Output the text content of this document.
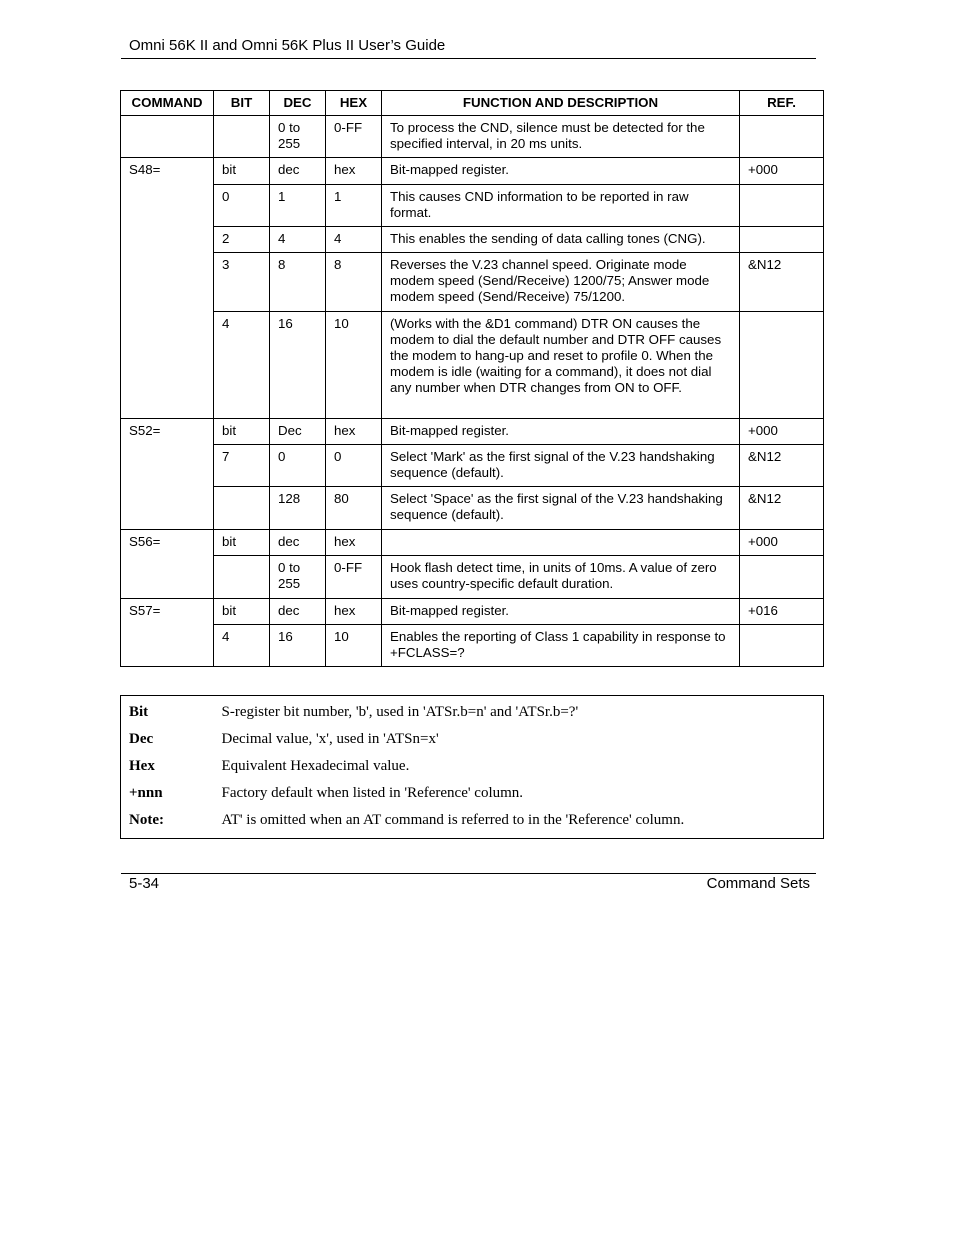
Omni 56K II and Omni 56K Plus II User’s Guide
COMMAND	BIT	DEC	HEX	FUNCTION AND DESCRIPTION	REF.
		0 to 255	0-FF	To process the CND, silence must be detected for the specified interval, in 20 ms units.	
S48=	bit	dec	hex	Bit-mapped register.	+000
	0	1	1	This causes CND information to be reported in raw format.	
	2	4	4	This enables the sending of data calling tones (CNG).	
	3	8	8	Reverses the V.23 channel speed. Originate mode modem speed (Send/Receive) 1200/75; Answer mode modem speed (Send/Receive) 75/1200.	&N12
	4	16	10	(Works with the &D1 command) DTR ON causes the modem to dial the default number and DTR OFF causes the modem to hang-up and reset to profile 0. When the modem is idle (waiting for a command), it does not dial any number when DTR changes from ON to OFF.	
S52=	bit	Dec	hex	Bit-mapped register.	+000
	7	0	0	Select 'Mark' as the first signal of the V.23 handshaking sequence (default).	&N12
		128	80	Select 'Space' as the first signal of the V.23 handshaking sequence (default).	&N12
S56=	bit	dec	hex		+000
		0 to 255	0-FF	Hook flash detect time, in units of 10ms. A value of zero uses country-specific default duration.	
S57=	bit	dec	hex	Bit-mapped register.	+016
	4	16	10	Enables the reporting of Class 1 capability in response to +FCLASS=?	
Bit	S-register bit number, 'b', used in 'ATSr.b=n' and 'ATSr.b=?'
Dec	Decimal value, 'x', used in 'ATSn=x'
Hex	Equivalent Hexadecimal value.
+nnn	Factory default when listed in 'Reference' column.
Note:	AT' is omitted when an AT command is referred to in the 'Reference' column.
5-34	Command Sets
